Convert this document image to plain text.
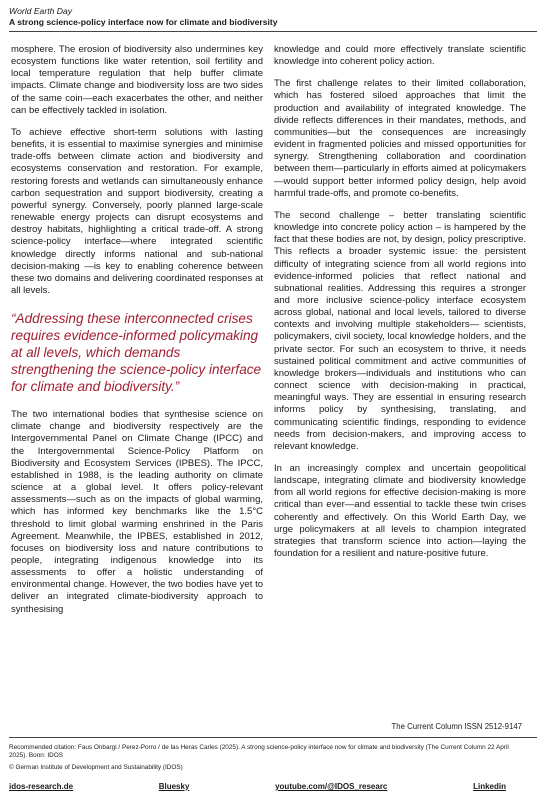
World Earth Day
A strong science-policy interface now for climate and biodiversity

mosphere. The erosion of biodiversity also undermines key ecosystem functions like water retention, soil fertility and local temperature regulation that help buffer climate impacts. Climate change and biodiversity loss are two sides of the same coin—each exacerbates the other, and neither can be effectively tackled in isolation.

To achieve effective short-term solutions with lasting benefits, it is essential to maximise synergies and minimise trade-offs between climate action and biodiversity and ecosystems conservation and restoration. For example, restoring forests and wetlands can simultaneously enhance carbon sequestration and support biodiversity, creating a powerful synergy. Conversely, poorly planned large-scale renewable energy projects can disrupt ecosystems and destroy habitats, highlighting a critical trade-off. A strong science-policy interface—where integrated scientific knowledge directly informs national and sub-national decision-making —is key to enabling coherence between these two domains and delivering coordinated responses at all levels.

“Addressing these interconnected crises requires evidence-informed policymaking at all levels, which demands strengthening the science-policy interface for climate and biodiversity.”

The two international bodies that synthesise science on climate change and biodiversity respectively are the Intergovernmental Panel on Climate Change (IPCC) and the Intergovernmental Science-Policy Platform on Biodiversity and Ecosystem Services (IPBES). The IPCC, established in 1988, is the leading authority on climate science at a global level. It offers policy-relevant assessments—such as on the impacts of global warming, which has informed key benchmarks like the 1.5°C threshold to limit global warming enshrined in the Paris Agreement. Meanwhile, the IPBES, established in 2012, focuses on biodiversity loss and nature contributions to people, integrating indigenous knowledge into its assessments to offer a holistic understanding of environmental change. However, the two bodies have yet to deliver an integrated climate-biodiversity approach to synthesising

knowledge and could more effectively translate scientific knowledge into coherent policy action.

The first challenge relates to their limited collaboration, which has fostered siloed approaches that limit the production and availability of integrated knowledge. The divide reflects differences in their mandates, methods, and communities—but the consequences are increasingly evident in fragmented policies and missed opportunities for synergy. Strengthening collaboration and coordination between them—particularly in efforts aimed at policymakers—would support better informed policy design, help avoid harmful trade-offs, and promote co-benefits.

The second challenge – better translating scientific knowledge into concrete policy action – is hampered by the fact that these bodies are not, by design, policy prescriptive. This reflects a broader systemic issue: the persistent difficulty of integrating science from all world regions into evidence-informed policies that reflect national and subnational realities. Addressing this requires a stronger and more inclusive science-policy interface ecosystem across global, national and local levels, tailored to diverse contexts and involving multiple stakeholders— scientists, policymakers, civil society, local knowledge holders, and the private sector. For such an ecosystem to thrive, it needs sustained political commitment and active communities of knowledge brokers—individuals and institutions who can connect science with decision-making in practical, meaningful ways. They are essential in ensuring research informs policy by synthesising, translating, and communicating scientific findings, responding to evidence needs from decision-makers, and improving access to relevant knowledge.

In an increasingly complex and uncertain geopolitical landscape, integrating climate and biodiversity knowledge from all world regions for effective decision-making is more critical than ever—and essential to tackle these twin crises coherently and effectively. On this World Earth Day, we urge policymakers at all levels to champion integrated strategies that transform science into action—laying the foundation for a resilient and nature-positive future.

The Current Column ISSN 2512-9147
Recommended citation: Faus Onbargi / Perez-Porro / de las Heras Carles (2025). A strong science-policy interface now for climate and biodiversity (The Current Column 22 April 2025). Bonn: IDOS
© German Institute of Development and Sustainability (IDOS)
idos-research.de	Bluesky	youtube.com/@IDOS_researc	Linkedin
